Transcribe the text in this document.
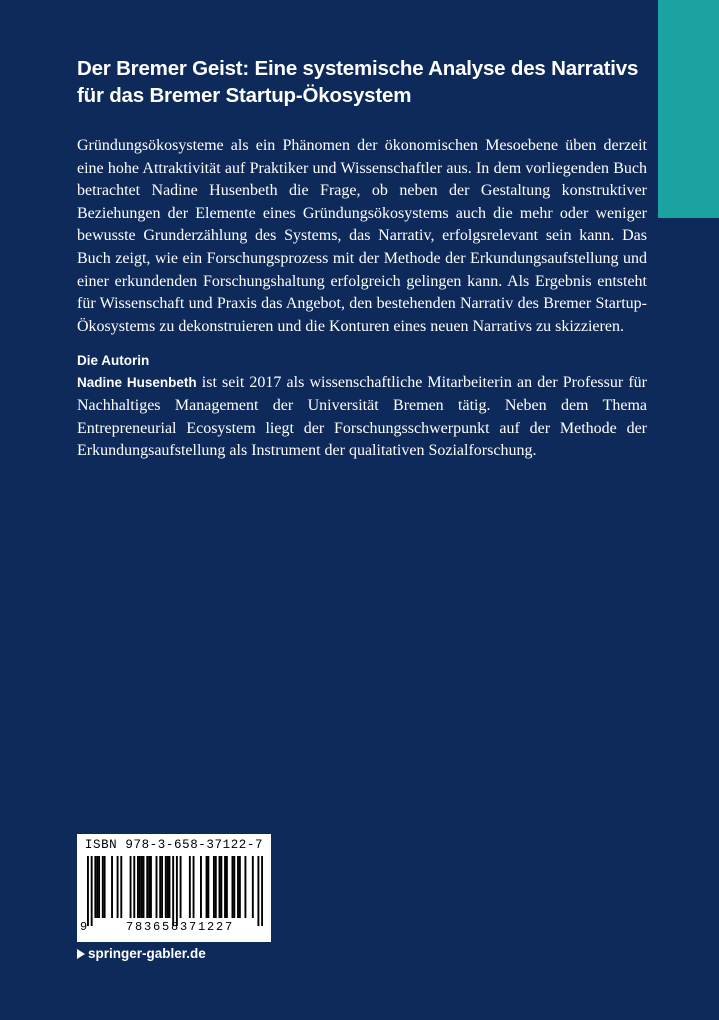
Der Bremer Geist: Eine systemische Analyse des Narrativs für das Bremer Startup-Ökosystem

Gründungsökosysteme als ein Phänomen der ökonomischen Mesoebene üben derzeit eine hohe Attraktivität auf Praktiker und Wissenschaftler aus. In dem vorliegenden Buch betrachtet Nadine Husenbeth die Frage, ob neben der Gestaltung konstruktiver Beziehungen der Elemente eines Gründungsökosystems auch die mehr oder weniger bewusste Grunderzählung des Systems, das Narrativ, erfolgsrelevant sein kann. Das Buch zeigt, wie ein Forschungsprozess mit der Methode der Erkundungsaufstellung und einer erkundenden Forschungshaltung erfolgreich gelingen kann. Als Ergebnis entsteht für Wissenschaft und Praxis das Angebot, den bestehenden Narrativ des Bremer Startup-Ökosystems zu dekonstruieren und die Konturen eines neuen Narrativs zu skizzieren.

Die Autorin

Nadine Husenbeth ist seit 2017 als wissenschaftliche Mitarbeiterin an der Professur für Nachhaltiges Management der Universität Bremen tätig. Neben dem Thema Entrepreneurial Ecosystem liegt der Forschungsschwerpunkt auf der Methode der Erkundungsaufstellung als Instrument der qualitativen Sozialforschung.

ISBN 978-3-658-37122-7
9	783658371227
springer-gabler.de
